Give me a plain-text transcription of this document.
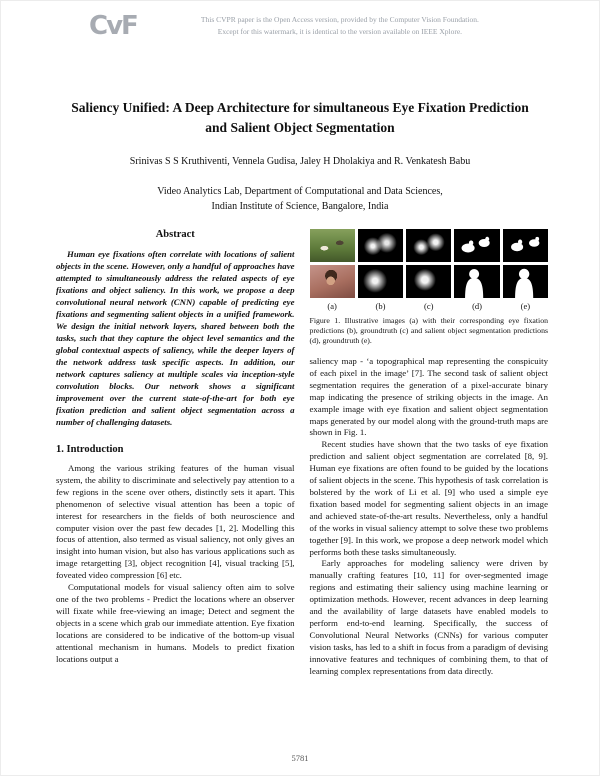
CvF	This CVPR paper is the Open Access version, provided by the Computer Vision Foundation.
Except for this watermark, it is identical to the version available on IEEE Xplore.
Saliency Unified: A Deep Architecture for simultaneous Eye Fixation Prediction
and Salient Object Segmentation
Srinivas S S Kruthiventi, Vennela Gudisa, Jaley H Dholakiya and R. Venkatesh Babu
Video Analytics Lab, Department of Computational and Data Sciences,
Indian Institute of Science, Bangalore, India
Abstract

Human eye fixations often correlate with locations of salient objects in the scene. However, only a handful of approaches have attempted to simultaneously address the related aspects of eye fixations and object saliency. In this work, we propose a deep convolutional neural network (CNN) capable of predicting eye fixations and segmenting salient objects in a unified framework. We design the initial network layers, shared between both the tasks, such that they capture the object level semantics and the global contextual aspects of saliency, while the deeper layers of the network address task specific aspects. In addition, our network captures saliency at multiple scales via inception-style convolution blocks. Our network shows a significant improvement over the current state-of-the-art for both eye fixation prediction and salient object segmentation across a number of challenging datasets.

1. Introduction

Among the various striking features of the human visual system, the ability to discriminate and selectively pay attention to a few regions in the scene over others, distinctly sets it apart. This phenomenon of selective visual attention has been a topic of interest for researchers in the fields of both neuroscience and computer vision over the past few decades [1, 2]. Modelling this focus of attention, also termed as visual saliency, not only gives an insight into human vision, but also has various applications such as image retargetting [3], object recognition [4], visual tracking [5], foveated video compression [6] etc.

Computational models for visual saliency often aim to solve one of the two problems - Predict the locations where an observer will fixate while free-viewing an image; Detect and segment the objects in a scene which grab our immediate attention. Eye fixation locations are considered to be indicative of the bottom-up visual attentional mechanism in humans. Models to predict fixation locations output a

(a)	(b)	(c)	(d)	(e)
Figure 1. Illustrative images (a) with their corresponding eye fixation predictions (b), groundtruth (c) and salient object segmentation predictions (d), groundtruth (e).

saliency map - ‘a topographical map representing the conspicuity of each pixel in the image’ [7]. The second task of salient object segmentation requires the generation of a pixel-accurate binary map indicating the presence of striking objects in the image. An example image with eye fixation and salient object segmentation maps generated by our model along with the ground-truth maps are shown in Fig. 1.

Recent studies have shown that the two tasks of eye fixation prediction and salient object segmentation are correlated [8, 9]. Human eye fixations are often found to be guided by the locations of salient objects in the scene. This hypothesis of task correlation is bolstered by the work of Li et al. [9] who used a simple eye fixation based model for segmenting salient objects in an image and achieved state-of-the-art results. Nevertheless, only a handful of the works in visual saliency attempt to solve these two problems together [9]. In this work, we propose a deep network model which performs both these tasks simultaneously.

Early approaches for modeling saliency were driven by manually crafting features [10, 11] for over-segmented image regions and estimating their saliency using machine learning or optimization methods. However, recent advances in deep learning and the availability of large datasets have enabled models to perform end-to-end learning. Specifically, the success of Convolutional Neural Networks (CNNs) for various computer vision tasks, has led to a shift in focus from a paradigm of devising innovative features and techniques of combining them, to that of learning complex representations from data directly.

5781
